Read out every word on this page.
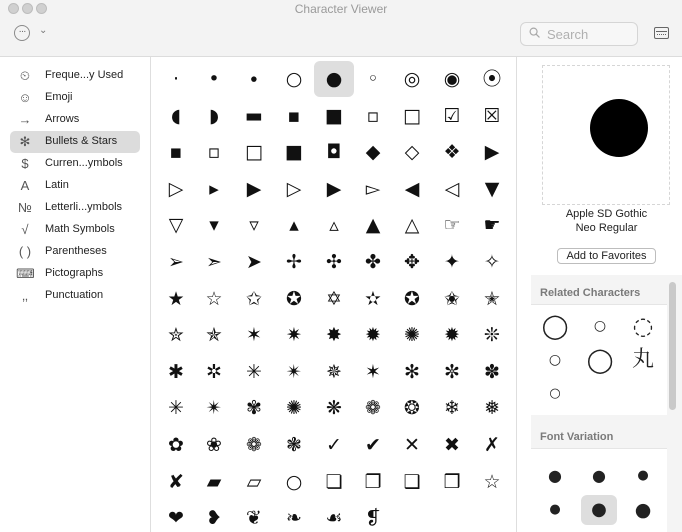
Character Viewer
···	⌄
Search
⏲	Freque...y Used
☺ Emoji
→ Arrows
✻	Bullets & Stars
$	Curren...ymbols
A	Latin
№ Letterli...ymbols
√	Math Symbols
( ) Parentheses
⌨ Pictographs
‚‚	Punctuation
·	•	∙	○	●	◦	◎	◉	⦿
◖	◗	▬	▪	■	▫	□	☑	☒
▪	▫	□	■	◘	◆	◇	❖	▶
▷	▸	▶	▷	▶	▻	◀	◁	▼
▽	▾	▿	▴	▵	▲	△	☞	☛
➢	➣	➤	✢	✣	✤	✥	✦	✧
★	☆	✩	✪	✡	✫	✪	✬	✭
✮	✯	✶	✷	✸	✹	✺	✹	❊
✱	✲	✳	✴	✵	✶	✻	✼	✽
✳	✴	✾	✺	❋	❁	❂	❄	❅
✿	❀	❁	❃	✓	✔	✕	✖	✗
✘	▰	▱	○	❏	❐	❑	❒	☆
❤	❥	❦	❧	☙	❡
Apple SD Gothic
Neo Regular
Add to Favorites
Related Characters
◯	○	◌
○	◯ 丸
○
Font Variation
●	●	●
●	●	●
